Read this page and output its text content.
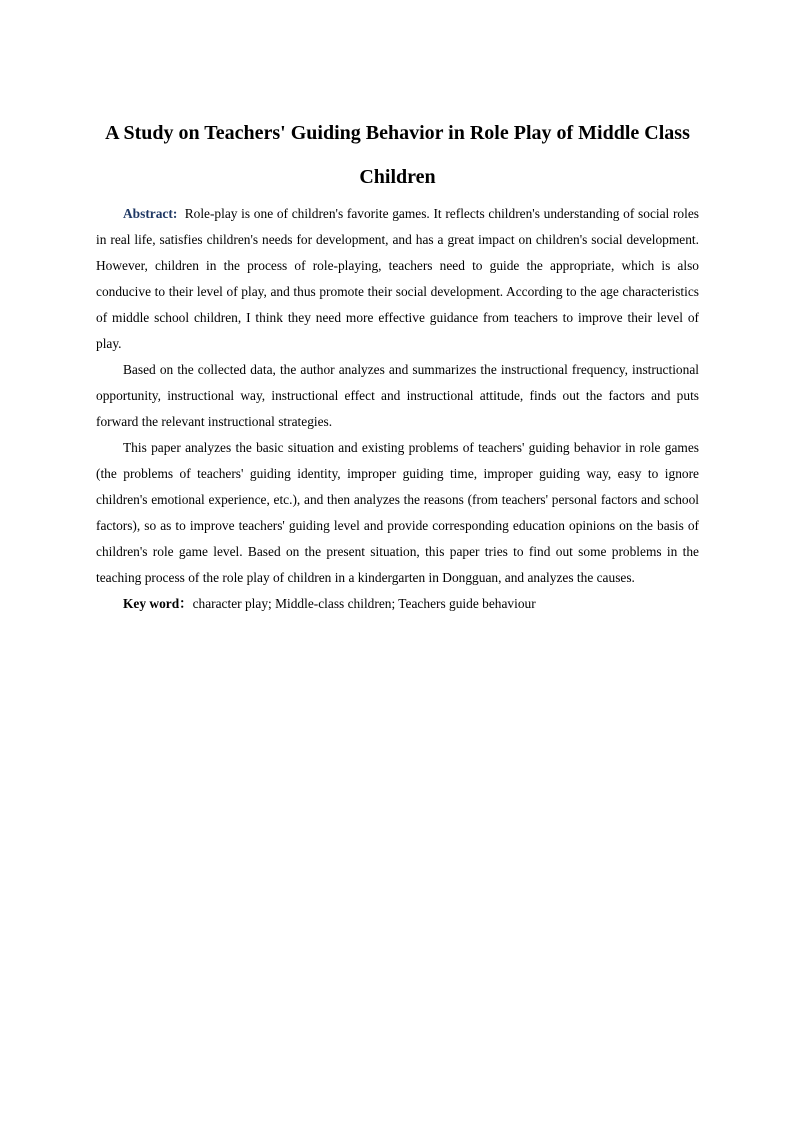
A Study on Teachers' Guiding Behavior in Role Play of Middle Class Children

Abstract: Role-play is one of children's favorite games. It reflects children's understanding of social roles in real life, satisfies children's needs for development, and has a great impact on children's social development. However, children in the process of role-playing, teachers need to guide the appropriate, which is also conducive to their level of play, and thus promote their social development. According to the age characteristics of middle school children, I think they need more effective guidance from teachers to improve their level of play.

Based on the collected data, the author analyzes and summarizes the instructional frequency, instructional opportunity, instructional way, instructional effect and instructional attitude, finds out the factors and puts forward the relevant instructional strategies.

This paper analyzes the basic situation and existing problems of teachers' guiding behavior in role games (the problems of teachers' guiding identity, improper guiding time, improper guiding way, easy to ignore children's emotional experience, etc.), and then analyzes the reasons (from teachers' personal factors and school factors), so as to improve teachers' guiding level and provide corresponding education opinions on the basis of children's role game level. Based on the present situation, this paper tries to find out some problems in the teaching process of the role play of children in a kindergarten in Dongguan, and analyzes the causes.

Key word：character play; Middle-class children; Teachers guide behaviour
